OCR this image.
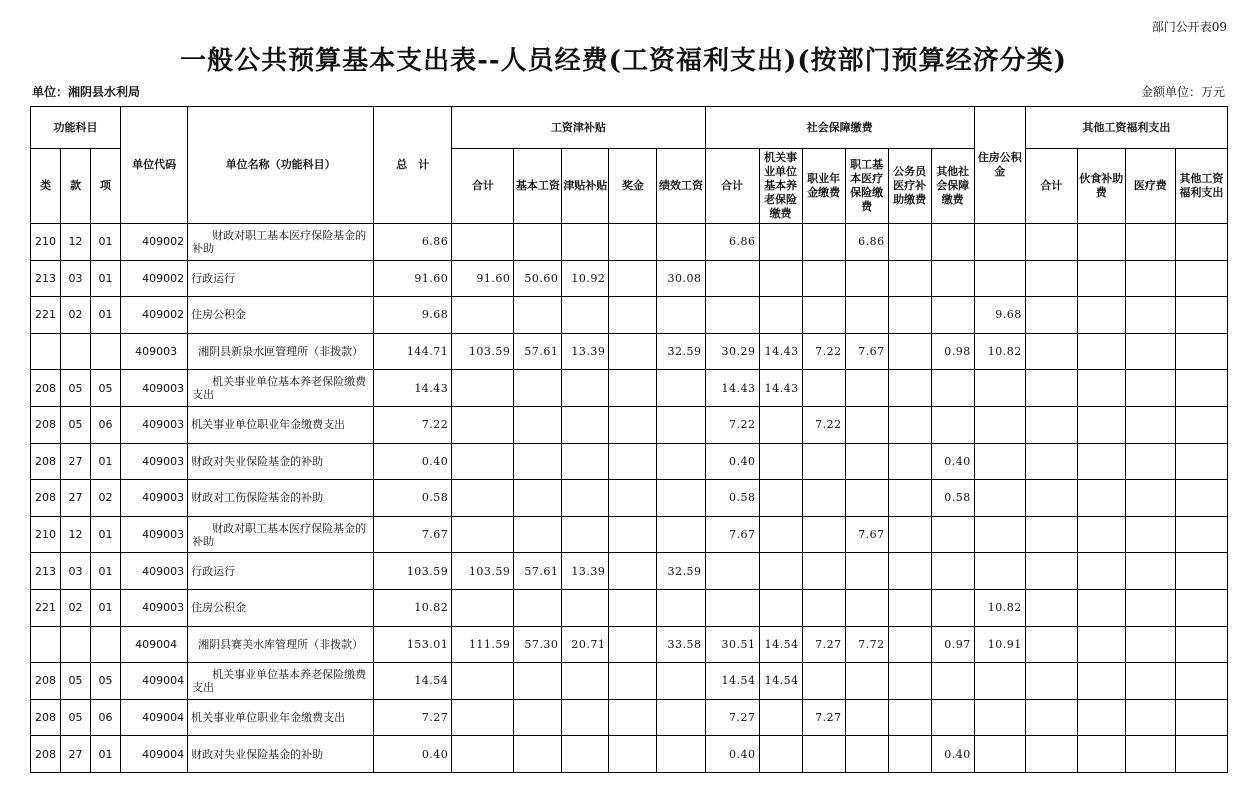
部门公开表09
一般公共预算基本支出表--人员经费(工资福利支出)(按部门预算经济分类)
单位：湘阴县水利局	金额单位：万元
功能科目			单位代码	单位名称（功能科目）	总　计	工资津补贴					社会保障缴费						住房公积金	其他工资福利支出			
类	款	项				合计	基本工资	津贴补贴	奖金	绩效工资	合计	机关事业单位基本养老保险缴费	职业年金缴费	职工基本医疗保险缴费	公务员医疗补助缴费	其他社会保障缴费		合计	伙食补助费	医疗费	其他工资福利支出
210	12	01	409002	财政对职工基本医疗保险基金的补助	6.86						6.86			6.86							
213	03	01	409002	行政运行	91.60	91.60	50.60	10.92		30.08											
221	02	01	409002	住房公积金	9.68												9.68				
			409003	湘阴县新泉水匣管理所（非拨款）	144.71	103.59	57.61	13.39		32.59	30.29	14.43	7.22	7.67		0.98	10.82				
208	05	05	409003	机关事业单位基本养老保险缴费支出	14.43						14.43	14.43									
208	05	06	409003	机关事业单位职业年金缴费支出	7.22						7.22		7.22								
208	27	01	409003	财政对失业保险基金的补助	0.40						0.40					0.40					
208	27	02	409003	财政对工伤保险基金的补助	0.58						0.58					0.58					
210	12	01	409003	财政对职工基本医疗保险基金的补助	7.67						7.67			7.67							
213	03	01	409003	行政运行	103.59	103.59	57.61	13.39		32.59											
221	02	01	409003	住房公积金	10.82												10.82				
			409004	湘阴县赛美水库管理所（非拨款）	153.01	111.59	57.30	20.71		33.58	30.51	14.54	7.27	7.72		0.97	10.91				
208	05	05	409004	机关事业单位基本养老保险缴费支出	14.54						14.54	14.54									
208	05	06	409004	机关事业单位职业年金缴费支出	7.27						7.27		7.27								
208	27	01	409004	财政对失业保险基金的补助	0.40						0.40					0.40					
